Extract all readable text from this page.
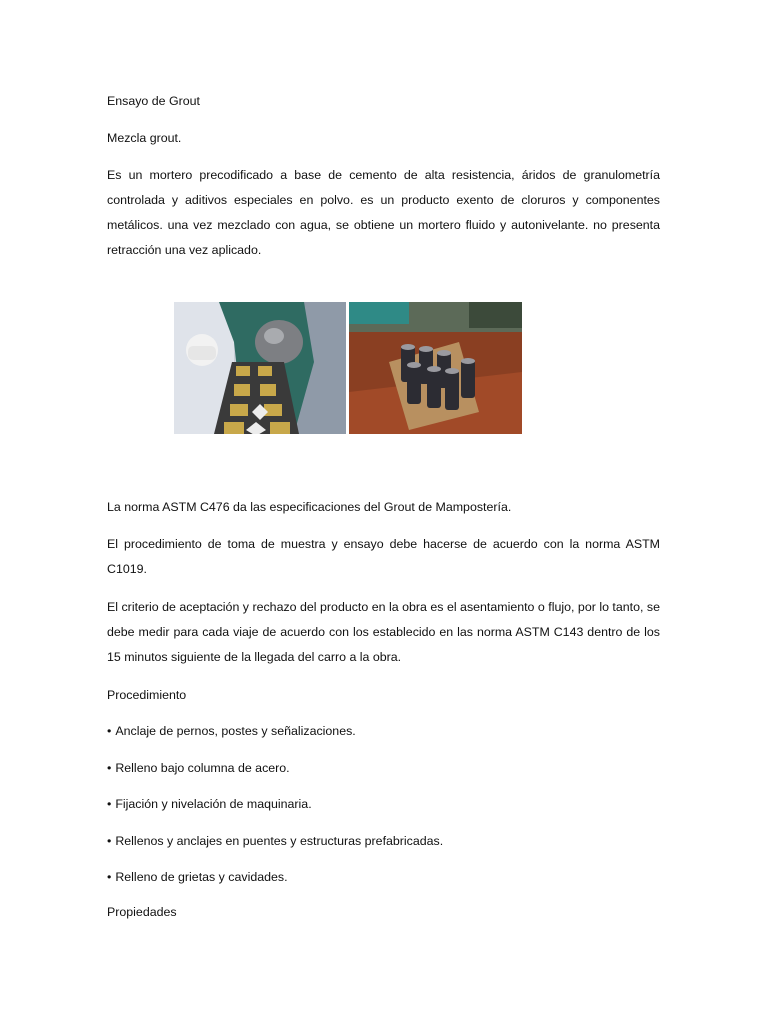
Ensayo de Grout

Mezcla grout.

Es un mortero precodificado a base de cemento de alta resistencia, áridos de granulometría controlada y aditivos especiales en polvo. es un producto exento de cloruros y componentes metálicos. una vez mezclado con agua, se obtiene un mortero fluido y autonivelante. no presenta retracción una vez aplicado.

La norma ASTM C476 da las especificaciones del Grout de Mampostería.

El procedimiento de toma de muestra y ensayo debe hacerse de acuerdo con la norma ASTM C1019.

El criterio de aceptación y rechazo del producto en la obra es el asentamiento o flujo, por lo tanto, se debe medir para cada viaje de acuerdo con los establecido en las norma ASTM C143 dentro de los 15 minutos siguiente de la llegada del carro a la obra.

Procedimiento

• Anclaje de pernos, postes y señalizaciones.
• Relleno bajo columna de acero.
• Fijación y nivelación de maquinaria.
• Rellenos y anclajes en puentes y estructuras prefabricadas.
• Relleno de grietas y cavidades.

Propiedades
